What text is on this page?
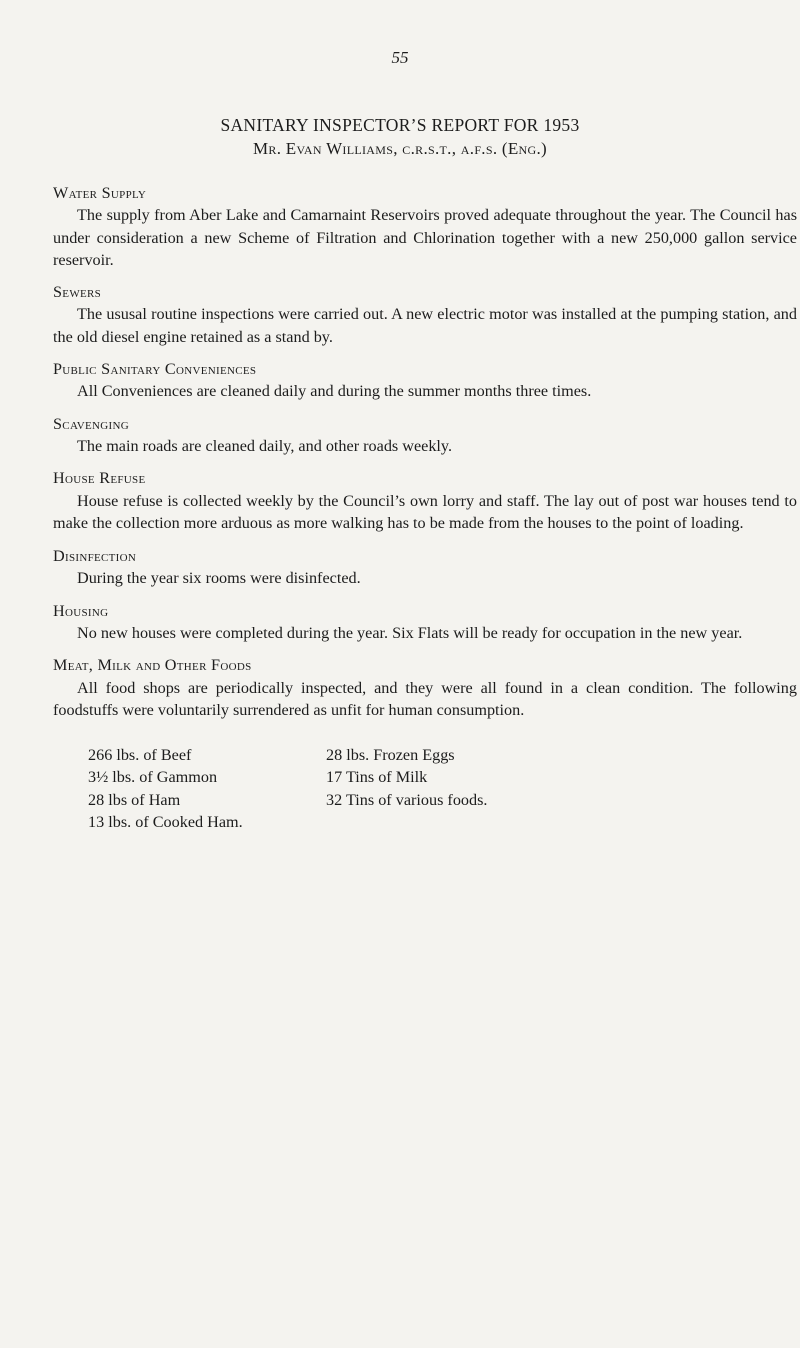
55
SANITARY INSPECTOR’S REPORT FOR 1953
Mr. Evan Williams, c.r.s.t., a.f.s. (Eng.)
Water Supply
The supply from Aber Lake and Camarnaint Reservoirs proved adequate throughout the year. The Council has under consideration a new Scheme of Filtration and Chlorination together with a new 250,000 gallon service reservoir.
Sewers
The ususal routine inspections were carried out. A new electric motor was installed at the pumping station, and the old diesel engine retained as a stand by.
Public Sanitary Conveniences
All Conveniences are cleaned daily and during the summer months three times.
Scavenging
The main roads are cleaned daily, and other roads weekly.
House Refuse
House refuse is collected weekly by the Council’s own lorry and staff. The lay out of post war houses tend to make the collection more arduous as more walking has to be made from the houses to the point of loading.
Disinfection
During the year six rooms were disinfected.
Housing
No new houses were completed during the year. Six Flats will be ready for occupation in the new year.
Meat, Milk and Other Foods
All food shops are periodically inspected, and they were all found in a clean condition. The following foodstuffs were voluntarily surrendered as unfit for human consumption.
266 lbs. of Beef
3½ lbs. of Gammon
28 lbs of Ham
13 lbs. of Cooked Ham.
28 lbs. Frozen Eggs
17 Tins of Milk
32 Tins of various foods.
